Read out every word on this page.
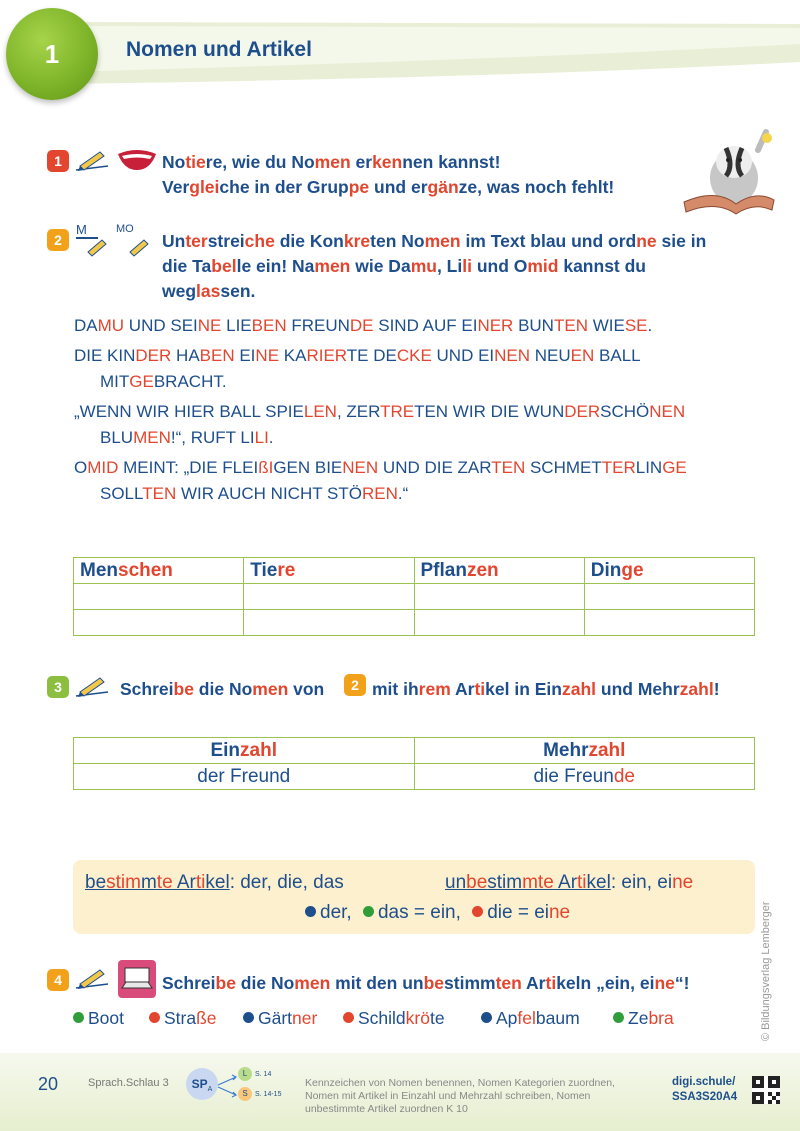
1	Nomen und Artikel
1	Notiere, wie du Nomen erkennen kannst!
Vergleiche in der Gruppe und ergänze, was noch fehlt!
2
M	MO
Unterstreiche die Konkreten Nomen im Text blau und ordne sie in
die Tabelle ein! Namen wie Damu, Lili und Omid kannst du
weglassen.
DAMU UND SEINE LIEBEN FREUNDE SIND AUF EINER BUNTEN WIESE.
DIE KINDER HABEN EINE KARIERTE DECKE UND EINEN NEUEN BALL
MITGEBRACHT.
„WENN WIR HIER BALL SPIELEN, ZERTRETEN WIR DIE WUNDERSCHÖNEN
BLUMEN!“, RUFT LILI.
OMID MEINT: „DIE FLEIßIGEN BIENEN UND DIE ZARTEN SCHMETTERLINGE
SOLLTEN WIR AUCH NICHT STÖREN.“
Menschen	Tiere	Pflanzen	Dinge

3	Schreibe die Nomen von	2 mit ihrem Artikel in Einzahl und Mehrzahl!
Einzahl	Mehrzahl
der Freund	die Freunde
bestimmte Artikel: der, die, das	unbestimmte Artikel: ein, eine
der, das = ein, die = eine
4	Schreibe die Nomen mit den unbestimmten Artikeln „ein, eine“!
Boot	Straße	Gärtner	Schildkröte	Apfelbaum	Zebra	© Bildungsverlag Lemberger
20	Sprach.Schlau 3 SP A
L	S. 14
S	S. 14-15
Kennzeichen von Nomen benennen, Nomen Kategorien zuordnen, Nomen mit Artikel in Einzahl und Mehrzahl schreiben, Nomen unbestimmte Artikel zuordnen K 10
digi.schule/
SSA3S20A4
